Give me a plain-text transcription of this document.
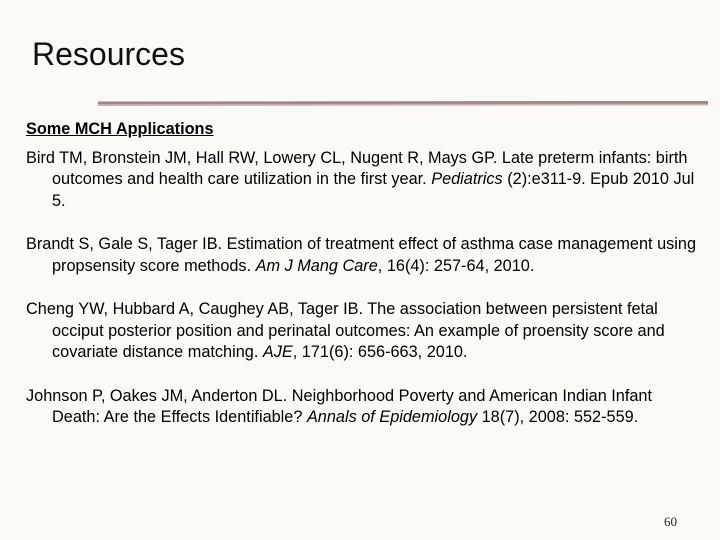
Resources

Some MCH Applications

Bird TM, Bronstein JM, Hall RW, Lowery CL, Nugent R, Mays GP. Late preterm infants: birth outcomes and health care utilization in the first year. Pediatrics (2):e311-9. Epub 2010 Jul 5.

Brandt S, Gale S, Tager IB. Estimation of treatment effect of asthma case management using propsensity score methods. Am J Mang Care, 16(4): 257-64, 2010.

Cheng YW, Hubbard A, Caughey AB, Tager IB. The association between persistent fetal occiput posterior position and perinatal outcomes: An example of proensity score and covariate distance matching. AJE, 171(6): 656-663, 2010.

Johnson P, Oakes JM, Anderton DL. Neighborhood Poverty and American Indian Infant Death: Are the Effects Identifiable? Annals of Epidemiology 18(7), 2008: 552-559.

60
